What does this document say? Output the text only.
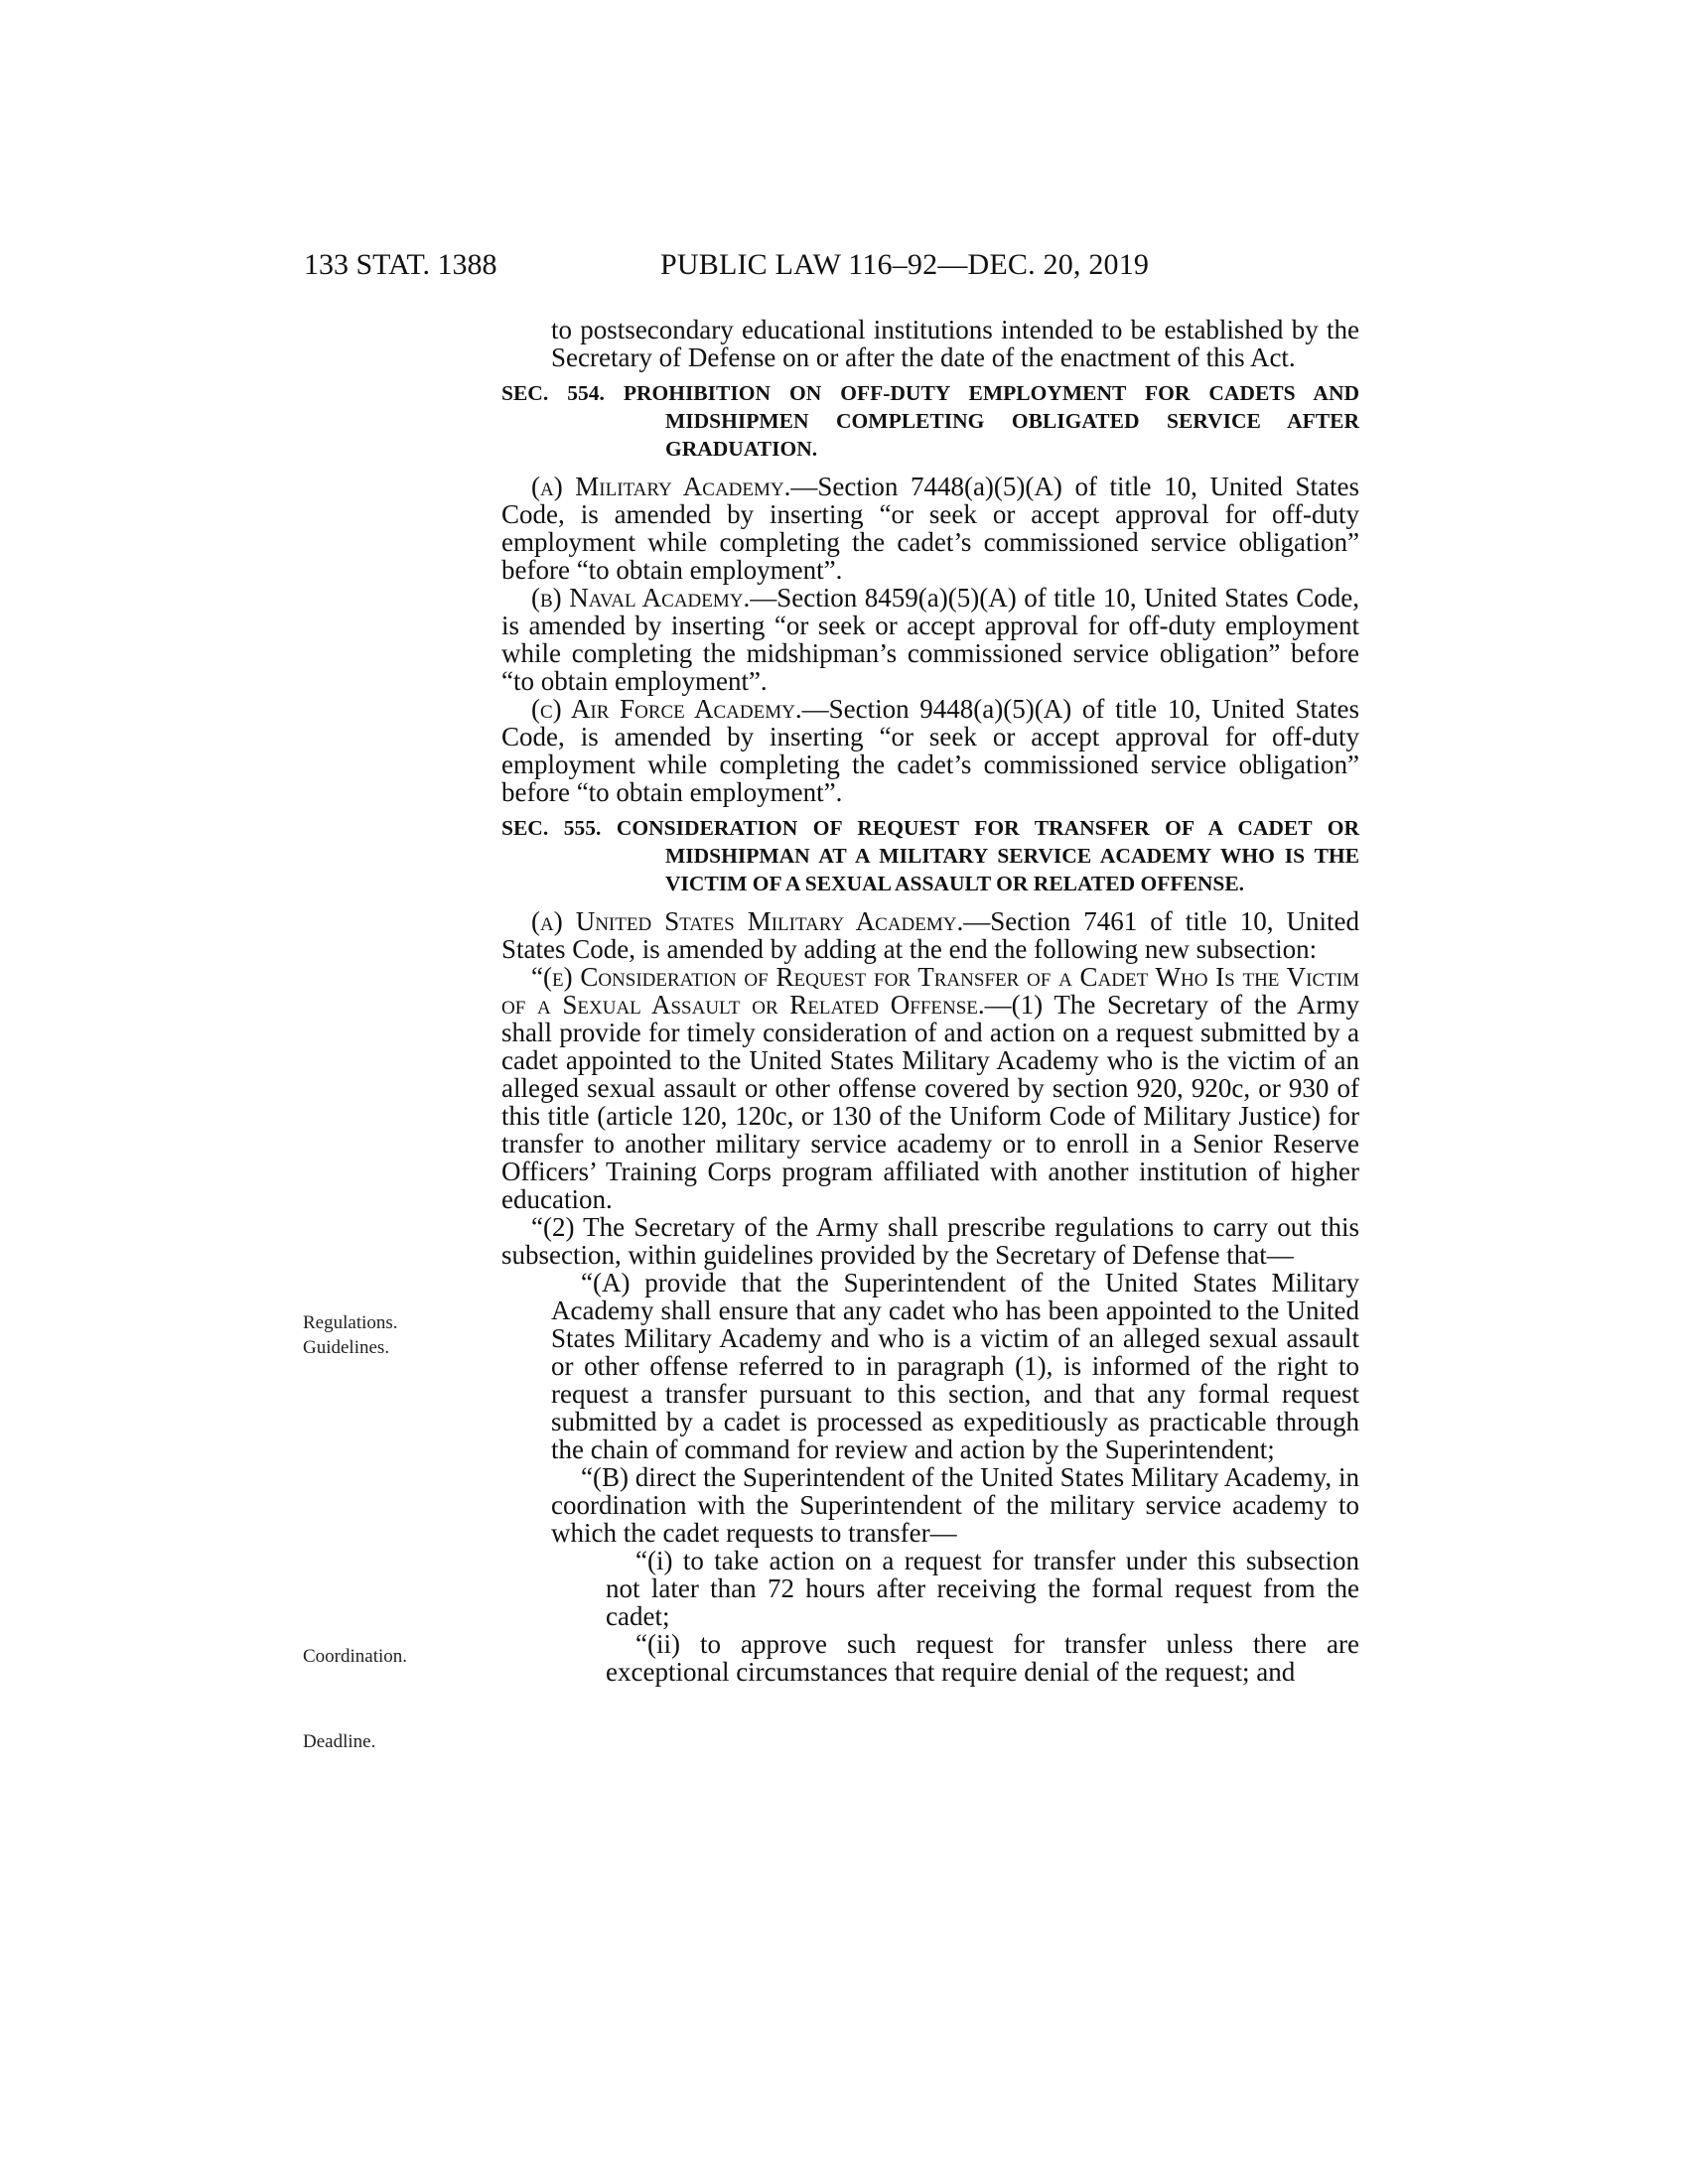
133 STAT. 1388	PUBLIC LAW 116–92—DEC. 20, 2019
Regulations.
Guidelines.
Coordination.
Deadline.

to postsecondary educational institutions intended to be established by the Secretary of Defense on or after the date of the enactment of this Act.

SEC. 554. PROHIBITION ON OFF-DUTY EMPLOYMENT FOR CADETS AND MIDSHIPMEN COMPLETING OBLIGATED SERVICE AFTER GRADUATION.

(a) Military Academy.—Section 7448(a)(5)(A) of title 10, United States Code, is amended by inserting “or seek or accept approval for off-duty employment while completing the cadet’s commissioned service obligation” before “to obtain employment”.

(b) Naval Academy.—Section 8459(a)(5)(A) of title 10, United States Code, is amended by inserting “or seek or accept approval for off-duty employment while completing the midshipman’s commissioned service obligation” before “to obtain employment”.

(c) Air Force Academy.—Section 9448(a)(5)(A) of title 10, United States Code, is amended by inserting “or seek or accept approval for off-duty employment while completing the cadet’s commissioned service obligation” before “to obtain employment”.

SEC. 555. CONSIDERATION OF REQUEST FOR TRANSFER OF A CADET OR MIDSHIPMAN AT A MILITARY SERVICE ACADEMY WHO IS THE VICTIM OF A SEXUAL ASSAULT OR RELATED OFFENSE.

(a) United States Military Academy.—Section 7461 of title 10, United States Code, is amended by adding at the end the following new subsection:

“(e) Consideration of Request for Transfer of a Cadet Who Is the Victim of a Sexual Assault or Related Offense.—(1) The Secretary of the Army shall provide for timely consideration of and action on a request submitted by a cadet appointed to the United States Military Academy who is the victim of an alleged sexual assault or other offense covered by section 920, 920c, or 930 of this title (article 120, 120c, or 130 of the Uniform Code of Military Justice) for transfer to another military service academy or to enroll in a Senior Reserve Officers’ Training Corps program affiliated with another institution of higher education.

“(2) The Secretary of the Army shall prescribe regulations to carry out this subsection, within guidelines provided by the Secretary of Defense that—

“(A) provide that the Superintendent of the United States Military Academy shall ensure that any cadet who has been appointed to the United States Military Academy and who is a victim of an alleged sexual assault or other offense referred to in paragraph (1), is informed of the right to request a transfer pursuant to this section, and that any formal request submitted by a cadet is processed as expeditiously as practicable through the chain of command for review and action by the Superintendent;

“(B) direct the Superintendent of the United States Military Academy, in coordination with the Superintendent of the military service academy to which the cadet requests to transfer—

“(i) to take action on a request for transfer under this subsection not later than 72 hours after receiving the formal request from the cadet;

“(ii) to approve such request for transfer unless there are exceptional circumstances that require denial of the request; and
